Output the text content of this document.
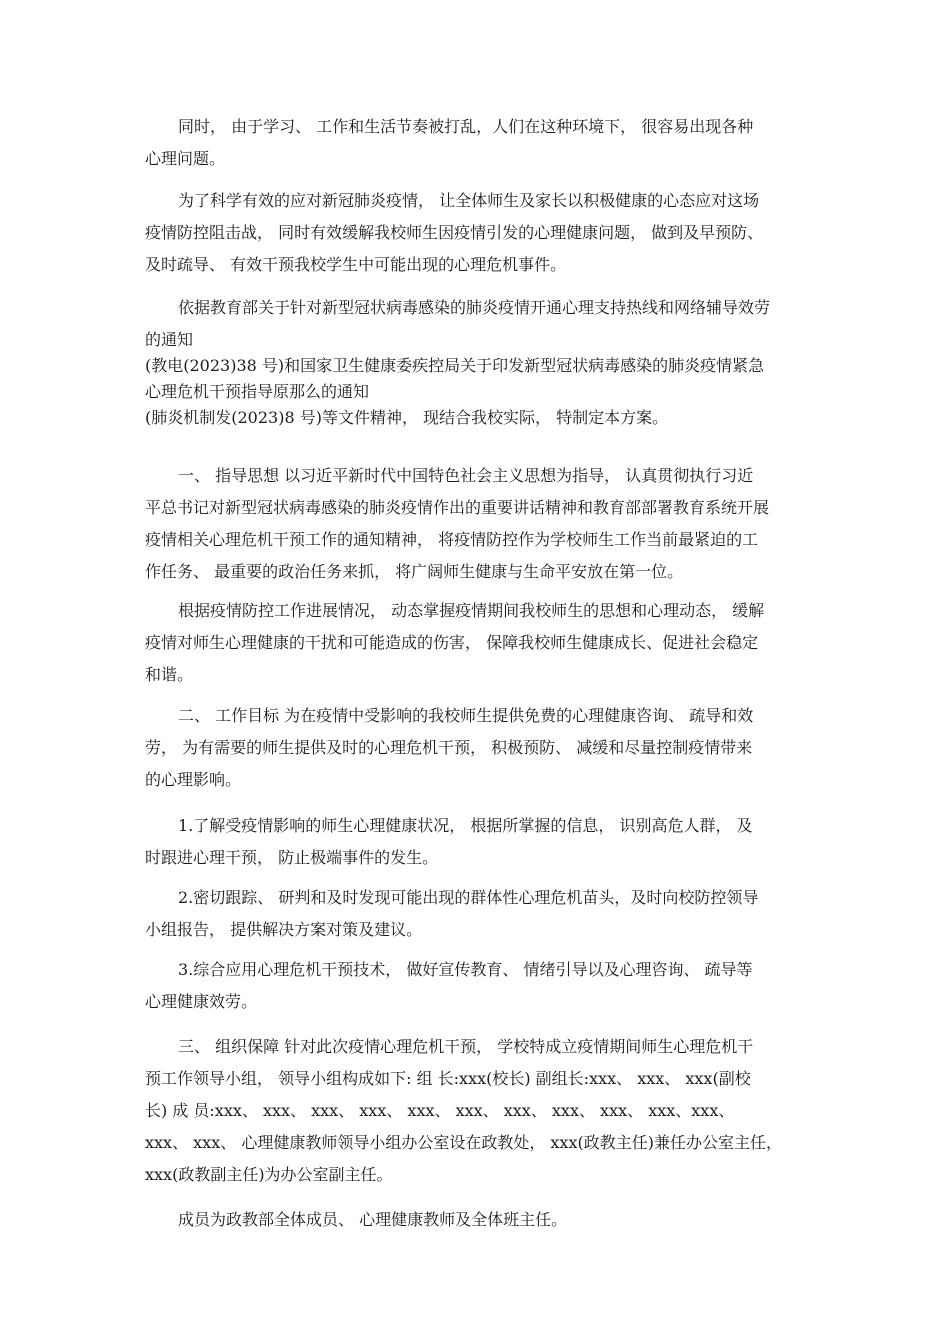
同时， 由于学习、 工作和生活节奏被打乱，人们在这种环境下， 很容易出现各种
心理问题。
为了科学有效的应对新冠肺炎疫情， 让全体师生及家长以积极健康的心态应对这场
疫情防控阻击战， 同时有效缓解我校师生因疫情引发的心理健康问题， 做到及早预防、
及时疏导、 有效干预我校学生中可能出现的心理危机事件。
依据教育部关于针对新型冠状病毒感染的肺炎疫情开通心理支持热线和网络辅导效劳
的通知
(教电(2023)38 号)和国家卫生健康委疾控局关于印发新型冠状病毒感染的肺炎疫情紧急
心理危机干预指导原那么的通知
(肺炎机制发(2023)8 号)等文件精神， 现结合我校实际， 特制定本方案。
一、 指导思想 以习近平新时代中国特色社会主义思想为指导， 认真贯彻执行习近
平总书记对新型冠状病毒感染的肺炎疫情作出的重要讲话精神和教育部部署教育系统开展
疫情相关心理危机干预工作的通知精神， 将疫情防控作为学校师生工作当前最紧迫的工
作任务、 最重要的政治任务来抓， 将广阔师生健康与生命平安放在第一位。
根据疫情防控工作进展情况， 动态掌握疫情期间我校师生的思想和心理动态， 缓解
疫情对师生心理健康的干扰和可能造成的伤害， 保障我校师生健康成长、促进社会稳定
和谐。
二、 工作目标 为在疫情中受影响的我校师生提供免费的心理健康咨询、 疏导和效
劳， 为有需要的师生提供及时的心理危机干预， 积极预防、 减缓和尽量控制疫情带来
的心理影响。
1.了解受疫情影响的师生心理健康状况， 根据所掌握的信息， 识别高危人群， 及
时跟进心理干预， 防止极端事件的发生。
2.密切跟踪、 研判和及时发现可能出现的群体性心理危机苗头，及时向校防控领导
小组报告， 提供解决方案对策及建议。
3.综合应用心理危机干预技术， 做好宣传教育、 情绪引导以及心理咨询、 疏导等
心理健康效劳。
三、 组织保障 针对此次疫情心理危机干预， 学校特成立疫情期间师生心理危机干
预工作领导小组， 领导小组构成如下: 组 长:xxx(校长) 副组长:xxx、 xxx、 xxx(副校
长) 成 员:xxx、 xxx、 xxx、 xxx、 xxx、 xxx、 xxx、 xxx、 xxx、 xxx、xxx、
xxx、 xxx、 心理健康教师领导小组办公室设在政教处， xxx(政教主任)兼任办公室主任，
xxx(政教副主任)为办公室副主任。
成员为政教部全体成员、 心理健康教师及全体班主任。
